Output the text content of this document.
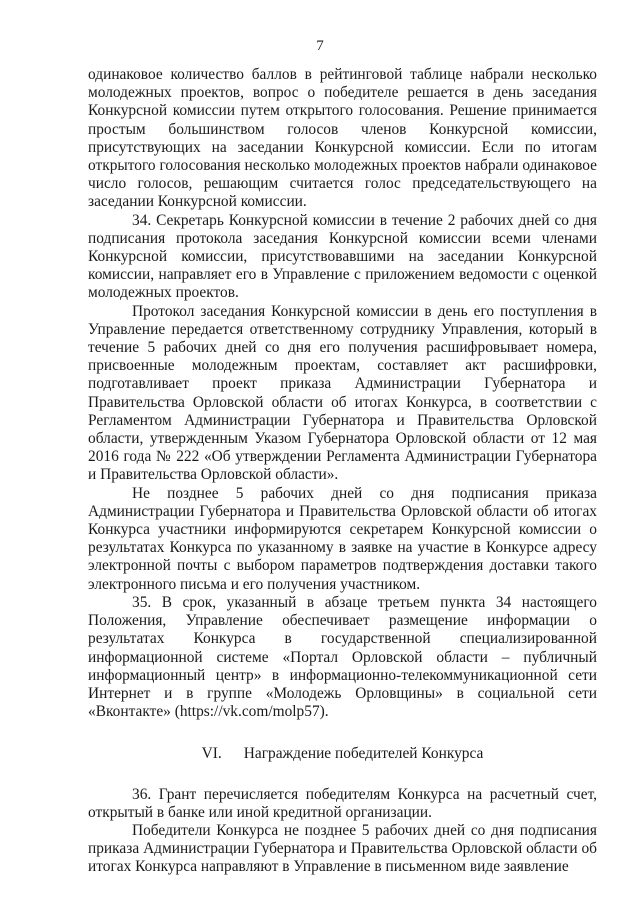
7

одинаковое количество баллов в рейтинговой таблице набрали несколько молодежных проектов, вопрос о победителе решается в день заседания Конкурсной комиссии путем открытого голосования. Решение принимается простым большинством голосов членов Конкурсной комиссии, присутствующих на заседании Конкурсной комиссии. Если по итогам открытого голосования несколько молодежных проектов набрали одинаковое число голосов, решающим считается голос председательствующего на заседании Конкурсной комиссии.

34. Секретарь Конкурсной комиссии в течение 2 рабочих дней со дня подписания протокола заседания Конкурсной комиссии всеми членами Конкурсной комиссии, присутствовавшими на заседании Конкурсной комиссии, направляет его в Управление с приложением ведомости с оценкой молодежных проектов.

Протокол заседания Конкурсной комиссии в день его поступления в Управление передается ответственному сотруднику Управления, который в течение 5 рабочих дней со дня его получения расшифровывает номера, присвоенные молодежным проектам, составляет акт расшифровки, подготавливает проект приказа Администрации Губернатора и Правительства Орловской области об итогах Конкурса, в соответствии с Регламентом Администрации Губернатора и Правительства Орловской области, утвержденным Указом Губернатора Орловской области от 12 мая 2016 года № 222 «Об утверждении Регламента Администрации Губернатора и Правительства Орловской области».

Не позднее 5 рабочих дней со дня подписания приказа Администрации Губернатора и Правительства Орловской области об итогах Конкурса участники информируются секретарем Конкурсной комиссии о результатах Конкурса по указанному в заявке на участие в Конкурсе адресу электронной почты с выбором параметров подтверждения доставки такого электронного письма и его получения участником.

35. В срок, указанный в абзаце третьем пункта 34 настоящего Положения, Управление обеспечивает размещение информации о результатах Конкурса в государственной специализированной информационной системе «Портал Орловской области – публичный информационный центр» в информационно-телекоммуникационной сети Интернет и в группе «Молодежь Орловщины» в социальной сети «Вконтакте» (https://vk.com/molp57).

VI. Награждение победителей Конкурса

36. Грант перечисляется победителям Конкурса на расчетный счет, открытый в банке или иной кредитной организации.

Победители Конкурса не позднее 5 рабочих дней со дня подписания приказа Администрации Губернатора и Правительства Орловской области об итогах Конкурса направляют в Управление в письменном виде заявление
